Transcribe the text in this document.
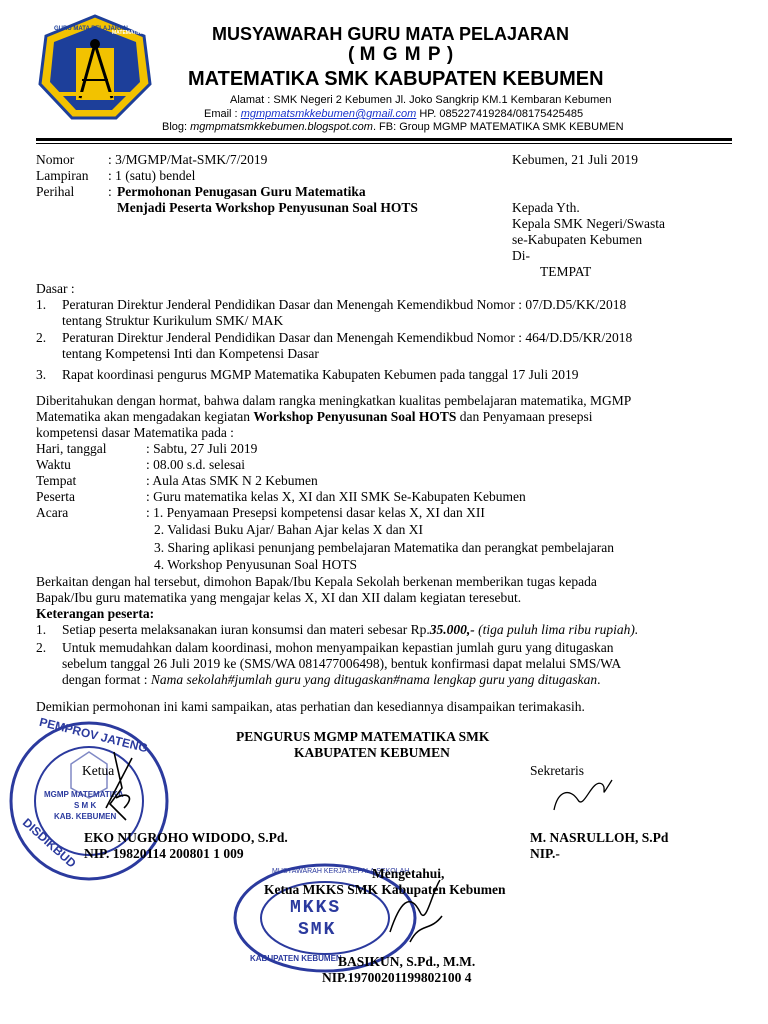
GURU MATA PELAJARAN
MATEMATIKA	MUSYAWARAH GURU MATA PELAJARAN
( M G M P )
MATEMATIKA SMK KABUPATEN KEBUMEN
Alamat : SMK Negeri 2 Kebumen Jl. Joko Sangkrip KM.1 Kembaran Kebumen
Email : mgmpmatsmkkebumen@gmail.com HP. 085227419284/08175425485
Blog: mgmpmatsmkkebumen.blogspot.com. FB: Group MGMP MATEMATIKA SMK KEBUMEN
Nomor	: 3/MGMP/Mat-SMK/7/2019
Lampiran : 1 (satu) bendel
Perihal	: Permohonan Penugasan Guru Matematika
Menjadi Peserta Workshop Penyusunan Soal HOTS
Kebumen, 21 Juli 2019
Kepada Yth.
Kepala SMK Negeri/Swasta
se-Kabupaten Kebumen
Di-
TEMPAT
Dasar :
1. Peraturan Direktur Jenderal Pendidikan Dasar dan Menengah Kemendikbud Nomor : 07/D.D5/KK/2018
tentang Struktur Kurikulum SMK/ MAK
2. Peraturan Direktur Jenderal Pendidikan Dasar dan Menengah Kemendikbud Nomor : 464/D.D5/KR/2018
tentang Kompetensi Inti dan Kompetensi Dasar
3. Rapat koordinasi pengurus MGMP Matematika Kabupaten Kebumen pada tanggal 17 Juli 2019
Diberitahukan dengan hormat, bahwa dalam rangka meningkatkan kualitas pembelajaran matematika, MGMP
Matematika akan mengadakan kegiatan Workshop Penyusunan Soal HOTS dan Penyamaan presepsi
kompetensi dasar Matematika pada :
Hari, tanggal	: Sabtu, 27 Juli 2019
Waktu	: 08.00 s.d. selesai
Tempat	: Aula Atas SMK N 2 Kebumen
Peserta	: Guru matematika kelas X, XI dan XII SMK Se-Kabupaten Kebumen
Acara	: 1. Penyamaan Presepsi kompetensi dasar kelas X, XI dan XII
2. Validasi Buku Ajar/ Bahan Ajar kelas X dan XI
3. Sharing aplikasi penunjang pembelajaran Matematika dan perangkat pembelajaran
4. Workshop Penyusunan Soal HOTS
Berkaitan dengan hal tersebut, dimohon Bapak/Ibu Kepala Sekolah berkenan memberikan tugas kepada
Bapak/Ibu guru matematika yang mengajar kelas X, XI dan XII dalam kegiatan teresebut.
Keterangan peserta:
1. Setiap peserta melaksanakan iuran konsumsi dan materi sebesar Rp.35.000,- (tiga puluh lima ribu rupiah).
2. Untuk memudahkan dalam koordinasi, mohon menyampaikan kepastian jumlah guru yang ditugaskan
sebelum tanggal 26 Juli 2019 ke (SMS/WA 081477006498), bentuk konfirmasi dapat melalui SMS/WA
dengan format : Nama sekolah#jumlah guru yang ditugaskan#nama lengkap guru yang ditugaskan.
Demikian permohonan ini kami sampaikan, atas perhatian dan kesediannya disampaikan terimakasih.
PENGURUS MGMP MATEMATIKA SMK
KABUPATEN KEBUMEN
PEMPROV JATENG
DISDIKBUD
MGMP MATEMATIKA
S M K
KAB. KEBUMEN
Ketua	Sekretaris
EKO NUGROHO WIDODO, S.Pd.
NIP. 19820114 200801 1 009
M. NASRULLOH, S.Pd
NIP.-
MUSYAWARAH KERJA KEPALA SEKOLAH
MKKS
SMK
KABUPATEN KEBUMEN
Mengetahui,
Ketua MKKS SMK Kabupaten Kebumen
BASIKUN, S.Pd., M.M.
NIP.19700201199802100 4
